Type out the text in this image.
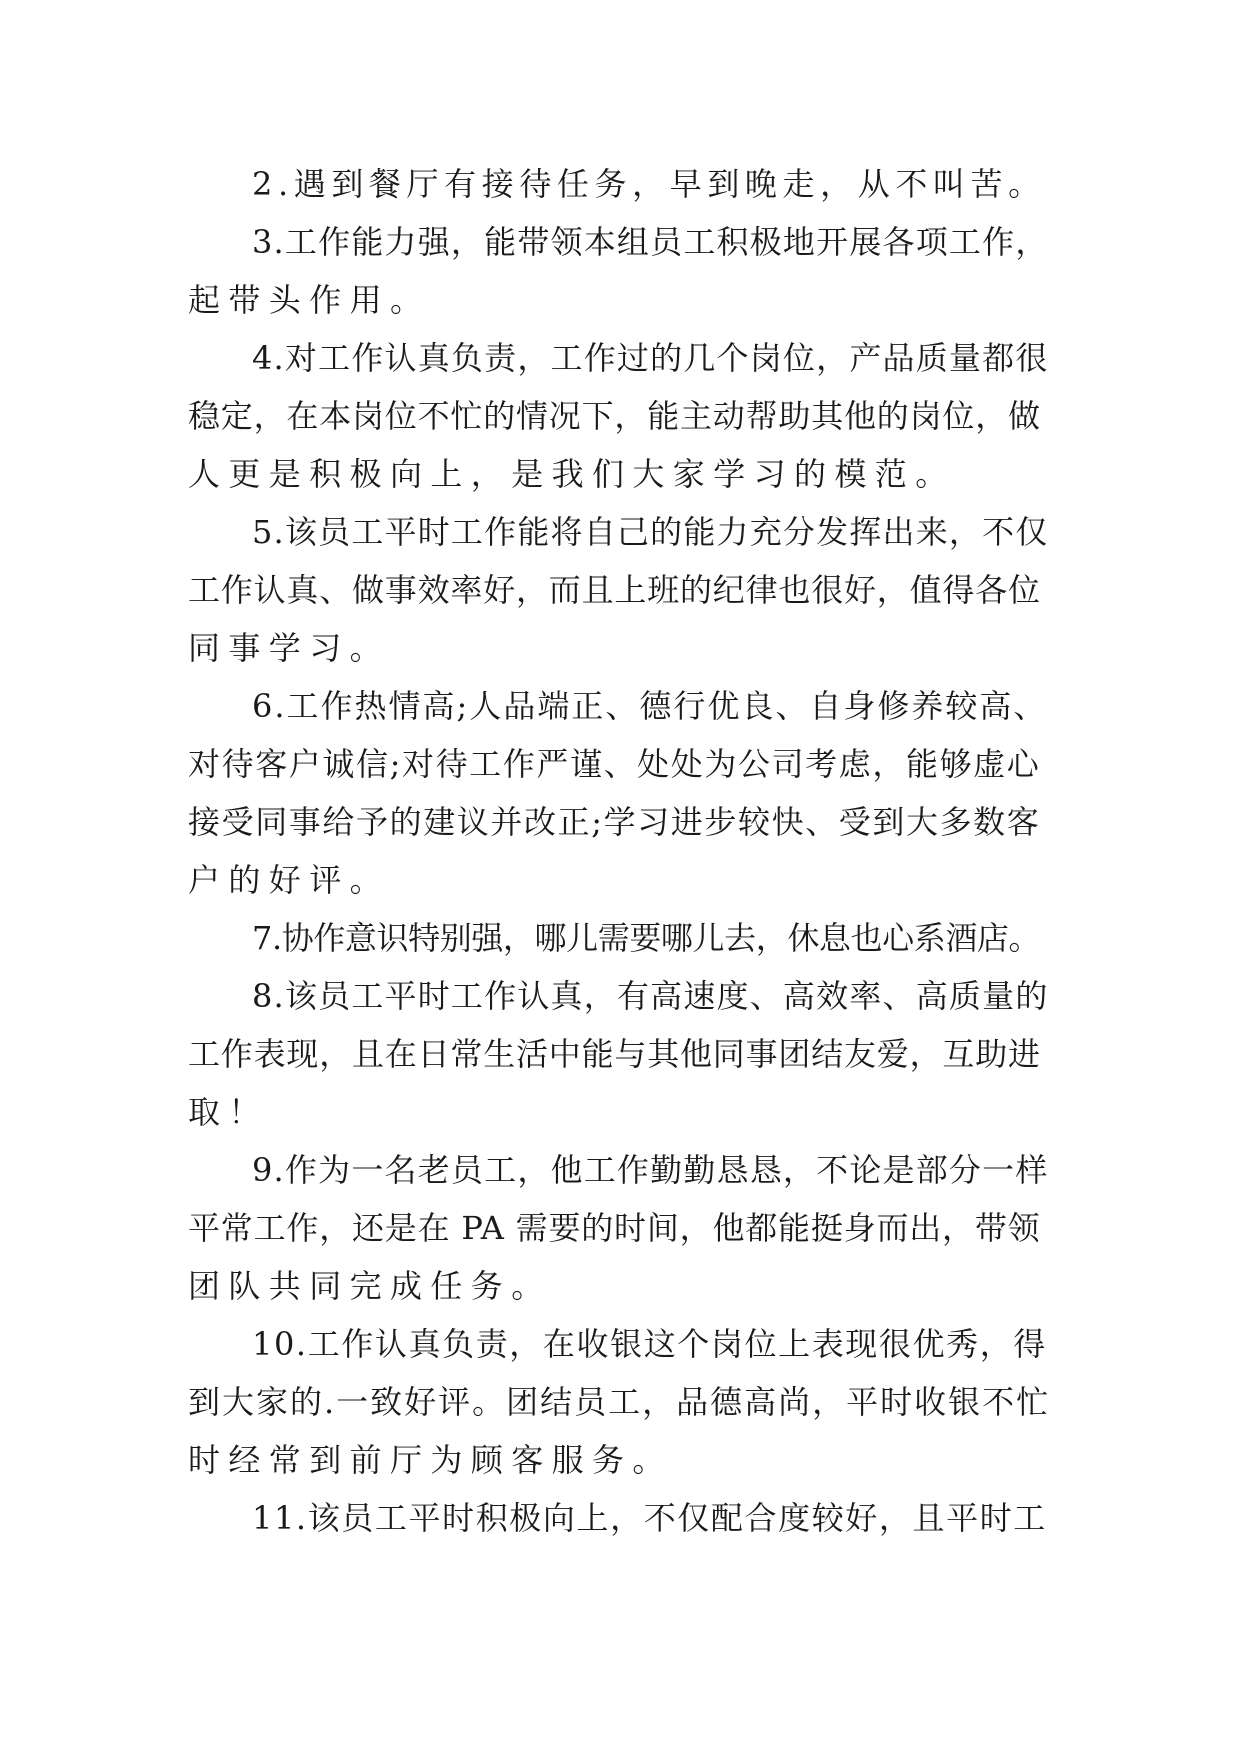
2.遇到餐厅有接待任务，早到晚走，从不叫苦。
3.工作能力强，能带领本组员工积极地开展各项工作，
起带头作用。
4.对工作认真负责，工作过的几个岗位，产品质量都很
稳定，在本岗位不忙的情况下，能主动帮助其他的岗位，做
人更是积极向上，是我们大家学习的模范。
5.该员工平时工作能将自己的能力充分发挥出来，不仅
工作认真、做事效率好，而且上班的纪律也很好，值得各位
同事学习。
6.工作热情高;人品端正、德行优良、自身修养较高、
对待客户诚信;对待工作严谨、处处为公司考虑，能够虚心
接受同事给予的建议并改正;学习进步较快、受到大多数客
户的好评。
7.协作意识特别强，哪儿需要哪儿去，休息也心系酒店。
8.该员工平时工作认真，有高速度、高效率、高质量的
工作表现，且在日常生活中能与其他同事团结友爱，互助进
取！
9.作为一名老员工，他工作勤勤恳恳，不论是部分一样
平常工作，还是在 PA 需要的时间，他都能挺身而出，带领
团队共同完成任务。
10.工作认真负责，在收银这个岗位上表现很优秀，得
到大家的.一致好评。团结员工，品德高尚，平时收银不忙
时经常到前厅为顾客服务。
11.该员工平时积极向上，不仅配合度较好，且平时工
